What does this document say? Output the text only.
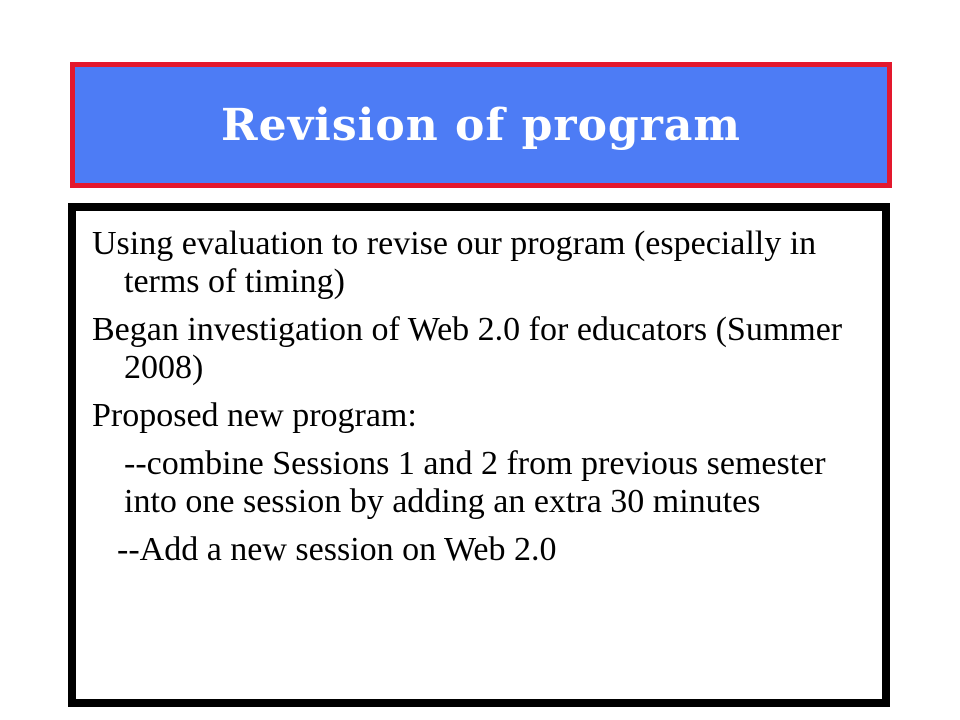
Revision of program

Using evaluation to revise our program (especially in terms of timing)

Began investigation of Web 2.0 for educators (Summer 2008)

Proposed new program:

--combine Sessions 1 and 2 from previous semester into one session by adding an extra 30 minutes

--Add a new session on Web 2.0
